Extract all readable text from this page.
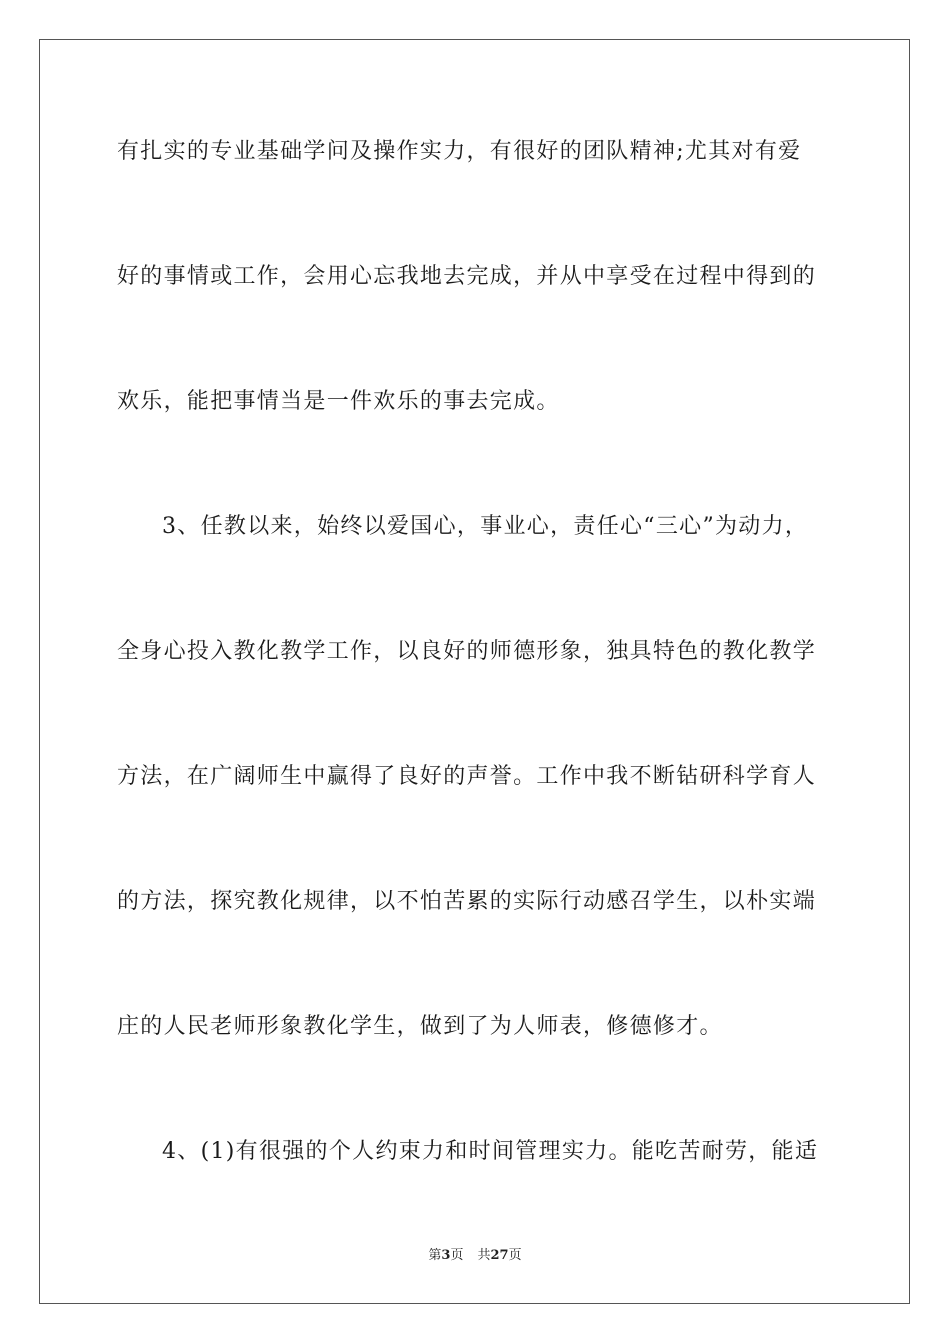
有扎实的专业基础学问及操作实力，有很好的团队精神;尤其对有爱
好的事情或工作，会用心忘我地去完成，并从中享受在过程中得到的
欢乐，能把事情当是一件欢乐的事去完成。
3、任教以来，始终以爱国心，事业心，责任心“三心”为动力，
全身心投入教化教学工作，以良好的师德形象，独具特色的教化教学
方法，在广阔师生中赢得了良好的声誉。工作中我不断钻研科学育人
的方法，探究教化规律，以不怕苦累的实际行动感召学生，以朴实端
庄的人民老师形象教化学生，做到了为人师表，修德修才。
4、(1)有很强的个人约束力和时间管理实力。能吃苦耐劳，能适
第3页 共27页
